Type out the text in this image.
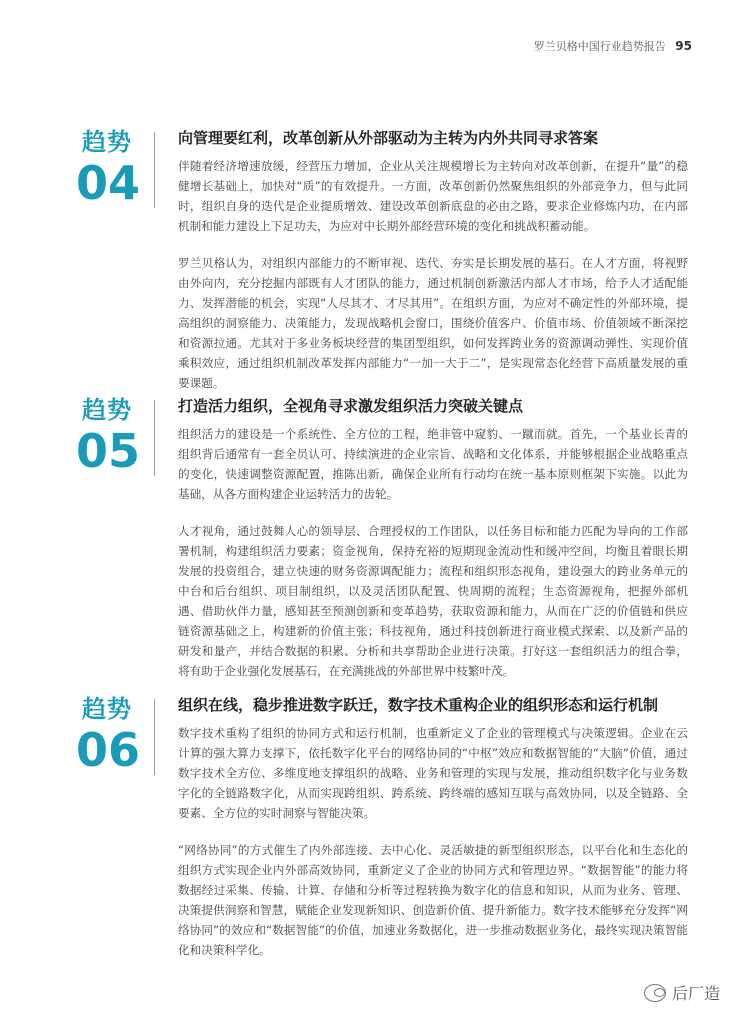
罗兰贝格中国行业趋势报告 95
趋势
04
向管理要红利，改革创新从外部驱动为主转为内外共同寻求答案

伴随着经济增速放缓，经营压力增加，企业从关注规模增长为主转向对改革创新，在提升“量”的稳健增长基础上，加快对“质”的有效提升。一方面，改革创新仍然聚焦组织的外部竞争力，但与此同时，组织自身的迭代是企业提质增效、建设改革创新底盘的必由之路，要求企业修炼内功，在内部机制和能力建设上下足功夫，为应对中长期外部经营环境的变化和挑战积蓄动能。

罗兰贝格认为，对组织内部能力的不断审视、迭代、夯实是长期发展的基石。在人才方面，将视野由外向内，充分挖掘内部既有人才团队的能力，通过机制创新激活内部人才市场，给予人才适配能力、发挥潜能的机会，实现“人尽其才、才尽其用”。在组织方面，为应对不确定性的外部环境，提高组织的洞察能力、决策能力，发现战略机会窗口，围绕价值客户、价值市场、价值领域不断深挖和资源拉通。尤其对于多业务板块经营的集团型组织，如何发挥跨业务的资源调动弹性、实现价值乘积效应，通过组织机制改革发挥内部能力“一加一大于二”，是实现常态化经营下高质量发展的重要课题。

趋势
05
打造活力组织，全视角寻求激发组织活力突破关键点

组织活力的建设是一个系统性、全方位的工程，绝非管中窥豹、一蹴而就。首先，一个基业长青的组织背后通常有一套全员认可、持续演进的企业宗旨、战略和文化体系，并能够根据企业战略重点的变化，快速调整资源配置，推陈出新，确保企业所有行动均在统一基本原则框架下实施。以此为基础，从各方面构建企业运转活力的齿轮。

人才视角，通过鼓舞人心的领导层、合理授权的工作团队，以任务目标和能力匹配为导向的工作部署机制，构建组织活力要素；资金视角，保持充裕的短期现金流动性和缓冲空间，均衡且着眼长期发展的投资组合，建立快速的财务资源调配能力；流程和组织形态视角，建设强大的跨业务单元的中台和后台组织、项目制组织，以及灵活团队配置、快周期的流程；生态资源视角，把握外部机遇、借助伙伴力量，感知甚至预测创新和变革趋势，获取资源和能力，从而在广泛的价值链和供应链资源基础之上，构建新的价值主张；科技视角，通过科技创新进行商业模式探索、以及新产品的研发和量产，并结合数据的积累、分析和共享帮助企业进行决策。打好这一套组织活力的组合拳，将有助于企业强化发展基石，在充满挑战的外部世界中枝繁叶茂。

趋势
06
组织在线，稳步推进数字跃迁，数字技术重构企业的组织形态和运行机制

数字技术重构了组织的协同方式和运行机制，也重新定义了企业的管理模式与决策逻辑。企业在云计算的强大算力支撑下，依托数字化平台的网络协同的“中枢”效应和数据智能的“大脑”价值，通过数字技术全方位、多维度地支撑组织的战略、业务和管理的实现与发展，推动组织数字化与业务数字化的全链路数字化，从而实现跨组织、跨系统、跨终端的感知互联与高效协同，以及全链路、全要素、全方位的实时洞察与智能决策。

“网络协同”的方式催生了内外部连接、去中心化、灵活敏捷的新型组织形态，以平台化和生态化的组织方式实现企业内外部高效协同，重新定义了企业的协同方式和管理边界。“数据智能”的能力将数据经过采集、传输、计算、存储和分析等过程转换为数字化的信息和知识，从而为业务、管理、决策提供洞察和智慧，赋能企业发现新知识、创造新价值、提升新能力。数字技术能够充分发挥“网络协同”的效应和“数据智能”的价值，加速业务数据化，进一步推动数据业务化，最终实现决策智能化和决策科学化。

后厂造
